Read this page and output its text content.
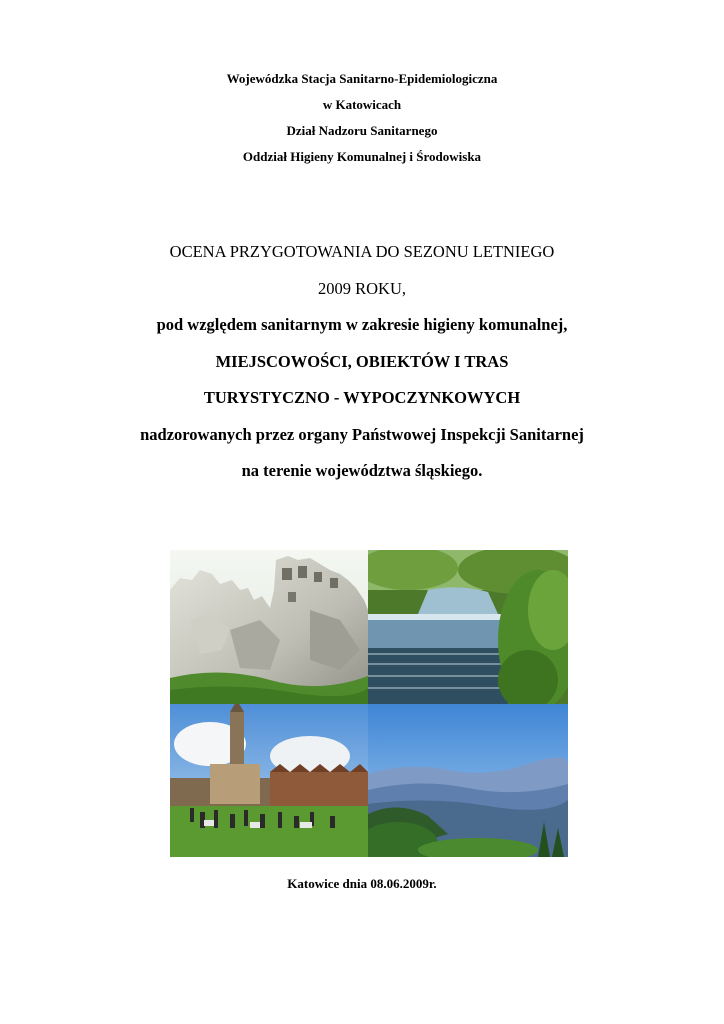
Wojewódzka Stacja Sanitarno-Epidemiologiczna
w Katowicach
Dział Nadzoru Sanitarnego
Oddział Higieny Komunalnej i Środowiska
OCENA PRZYGOTOWANIA DO SEZONU LETNIEGO
2009 ROKU,
pod względem sanitarnym w zakresie higieny komunalnej,
MIEJSCOWOŚCI, OBIEKTÓW I TRAS
TURYSTYCZNO - WYPOCZYNKOWYCH
nadzorowanych przez organy Państwowej Inspekcji Sanitarnej
na terenie województwa śląskiego.
Katowice dnia 08.06.2009r.
